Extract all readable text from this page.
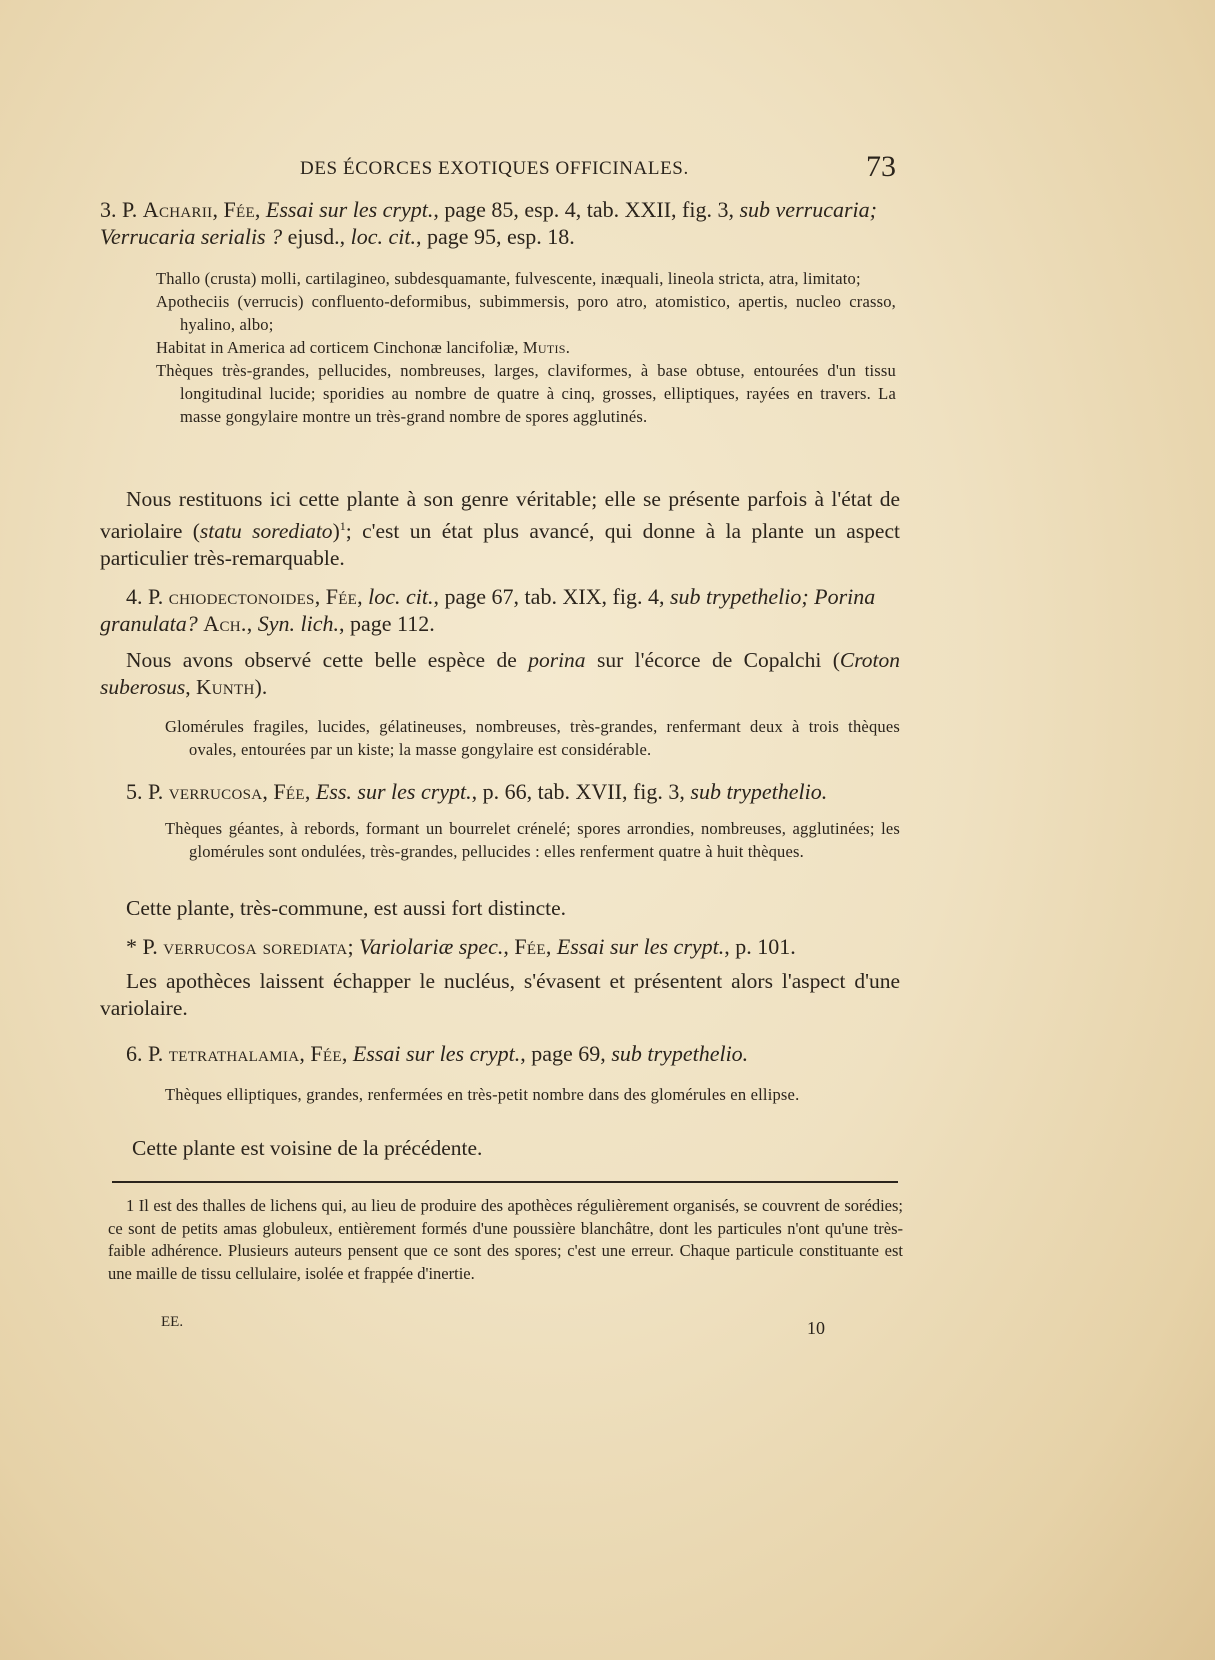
DES ÉCORCES EXOTIQUES OFFICINALES.	73
3. P. Acharii, Fée, Essai sur les crypt., page 85, esp. 4, tab. XXII, fig. 3, sub verrucaria; Verrucaria serialis ? ejusd., loc. cit., page 95, esp. 18.

Thallo (crusta) molli, cartilagineo, subdesquamante, fulvescente, inæquali, lineola stricta, atra, limitato;

Apotheciis (verrucis) confluento-deformibus, subimmersis, poro atro, atomistico, apertis, nucleo crasso, hyalino, albo;

Habitat in America ad corticem Cinchonæ lancifoliæ, Mutis.

Thèques très-grandes, pellucides, nombreuses, larges, claviformes, à base obtuse, entourées d'un tissu longitudinal lucide; sporidies au nombre de quatre à cinq, grosses, elliptiques, rayées en travers. La masse gongylaire montre un très-grand nombre de spores agglutinés.

Nous restituons ici cette plante à son genre véritable; elle se présente parfois à l'état de variolaire (statu sorediato)$^1$; c'est un état plus avancé, qui donne à la plante un aspect particulier très-remarquable.

4. P. chiodectonoides, Fée, loc. cit., page 67, tab. XIX, fig. 4, sub trypethelio; Porina granulata? Ach., Syn. lich., page 112.

Nous avons observé cette belle espèce de porina sur l'écorce de Copalchi (Croton suberosus, Kunth).

Glomérules fragiles, lucides, gélatineuses, nombreuses, très-grandes, renfermant deux à trois thèques ovales, entourées par un kiste; la masse gongylaire est considérable.

5. P. verrucosa, Fée, Ess. sur les crypt., p. 66, tab. XVII, fig. 3, sub trypethelio.

Thèques géantes, à rebords, formant un bourrelet crénelé; spores arrondies, nombreuses, agglutinées; les glomérules sont ondulées, très-grandes, pellucides : elles renferment quatre à huit thèques.

Cette plante, très-commune, est aussi fort distincte.

* P. verrucosa sorediata; Variolariæ spec., Fée, Essai sur les crypt., p. 101.

Les apothèces laissent échapper le nucléus, s'évasent et présentent alors l'aspect d'une variolaire.

6. P. tetrathalamia, Fée, Essai sur les crypt., page 69, sub trypethelio.

Thèques elliptiques, grandes, renfermées en très-petit nombre dans des glomérules en ellipse.

Cette plante est voisine de la précédente.

1 Il est des thalles de lichens qui, au lieu de produire des apothèces régulièrement organisés, se couvrent de sorédies; ce sont de petits amas globuleux, entièrement formés d'une poussière blanchâtre, dont les particules n'ont qu'une très-faible adhérence. Plusieurs auteurs pensent que ce sont des spores; c'est une erreur. Chaque particule constituante est une maille de tissu cellulaire, isolée et frappée d'inertie.

EE.	10
